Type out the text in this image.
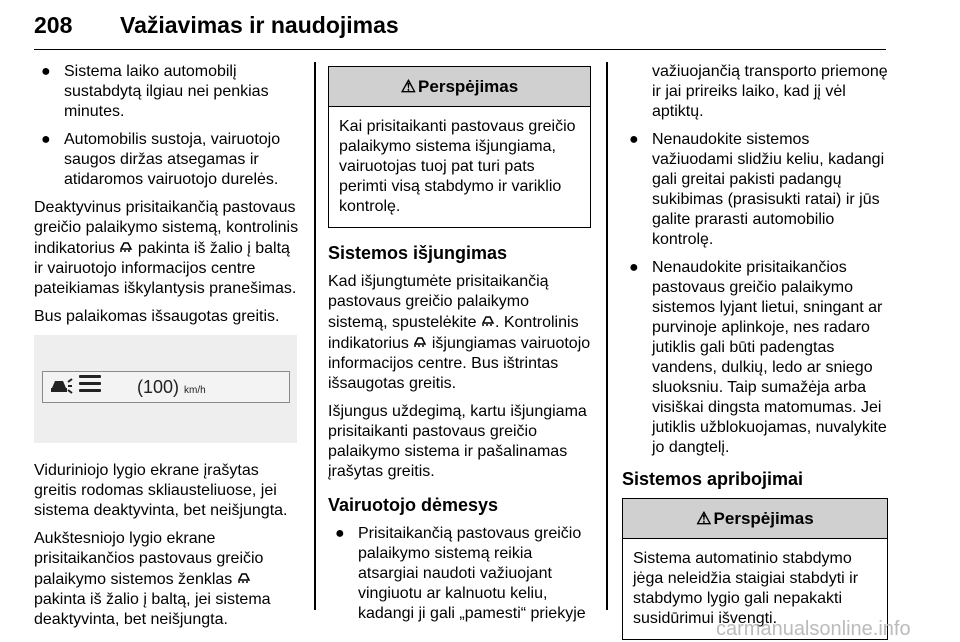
208 Važiavimas ir naudojimas
● Sistema laiko automobilį sustabdytą ilgiau nei penkias minutes.
● Automobilis sustoja, vairuotojo saugos diržas atsegamas ir atidaromos vairuotojo durelės.

Deaktyvinus prisitaikančią pastovaus greičio palaikymo sistemą, kontrolinis indikatorius pakinta iš žalio į baltą ir vairuotojo informacijos centre pateikiamas iškylantysis pranešimas.

Bus palaikomas išsaugotas greitis.

(100) km/h

Viduriniojo lygio ekrane įrašytas greitis rodomas skliausteliuose, jei sistema deaktyvinta, bet neišjungta.

Aukštesniojo lygio ekrane prisitaikančios pastovaus greičio palaikymo sistemos ženklas  pakinta iš žalio į baltą, jei sistema deaktyvinta, bet neišjungta.

⚠ Perspėjimas
Kai prisitaikanti pastovaus greičio palaikymo sistema išjungiama, vairuotojas tuoj pat turi pats perimti visą stabdymo ir variklio kontrolę.
Sistemos išjungimas

Kad išjungtumėte prisitaikančią pastovaus greičio palaikymo sistemą, spustelėkite . Kontrolinis indikatorius išjungiamas vairuotojo informacijos centre. Bus ištrintas išsaugotas greitis.

Išjungus uždegimą, kartu išjungiama prisitaikanti pastovaus greičio palaikymo sistema ir pašalinamas įrašytas greitis.

Vairuotojo dėmesys
● Prisitaikančią pastovaus greičio palaikymo sistemą reikia atsargiai naudoti važiuojant vingiuotu ar kalnuotu keliu, kadangi ji gali „pamesti“ priekyje

važiuojančią transporto priemonę ir jai prireiks laiko, kad jį vėl aptiktų.

● Nenaudokite sistemos važiuodami slidžiu keliu, kadangi gali greitai pakisti padangų sukibimas (prasisukti ratai) ir jūs galite prarasti automobilio kontrolę.
● Nenaudokite prisitaikančios pastovaus greičio palaikymo sistemos lyjant lietui, sningant ar purvinoje aplinkoje, nes radaro jutiklis gali būti padengtas vandens, dulkių, ledo ar sniego sluoksniu. Taip sumažėja arba visiškai dingsta matomumas. Jei jutiklis užblokuojamas, nuvalykite jo dangtelį.
Sistemos apribojimai
⚠ Perspėjimas
Sistema automatinio stabdymo jėga neleidžia staigiai stabdyti ir stabdymo lygio gali nepakakti susidūrimui išvengti.
carmanualsonline.info
